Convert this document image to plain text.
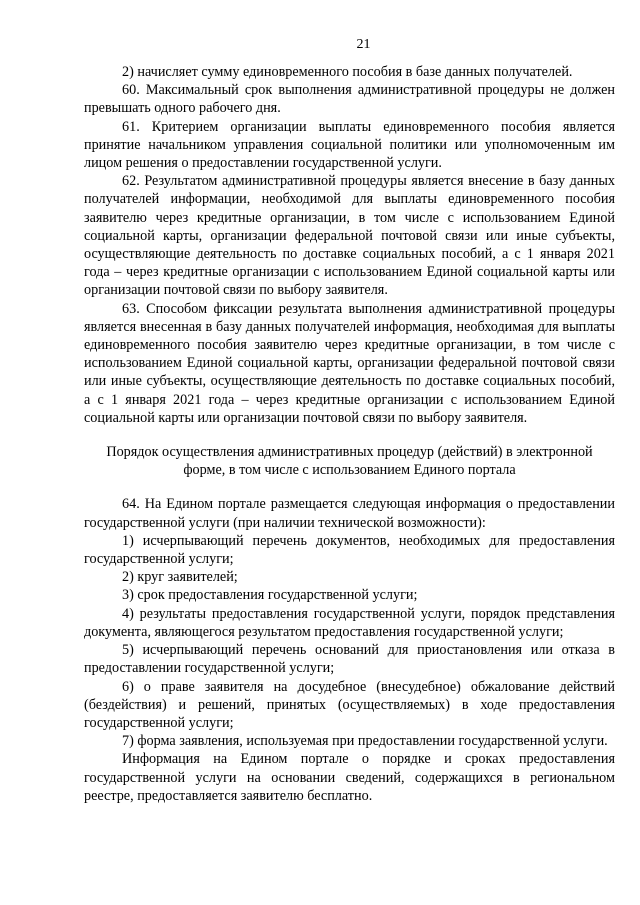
21

2) начисляет сумму единовременного пособия в базе данных получателей.

60. Максимальный срок выполнения административной процедуры не должен превышать одного рабочего дня.

61. Критерием организации выплаты единовременного пособия является принятие начальником управления социальной политики или уполномоченным им лицом решения о предоставлении государственной услуги.

62. Результатом административной процедуры является внесение в базу данных получателей информации, необходимой для выплаты единовременного пособия заявителю через кредитные организации, в том числе с использованием Единой социальной карты, организации федеральной почтовой связи или иные субъекты, осуществляющие деятельность по доставке социальных пособий, а с 1 января 2021 года – через кредитные организации с использованием Единой социальной карты или организации почтовой связи по выбору заявителя.

63. Способом фиксации результата выполнения административной процедуры является внесенная в базу данных получателей информация, необходимая для выплаты единовременного пособия заявителю через кредитные организации, в том числе с использованием Единой социальной карты, организации федеральной почтовой связи или иные субъекты, осуществляющие деятельность по доставке социальных пособий, а с 1 января 2021 года – через кредитные организации с использованием Единой социальной карты или организации почтовой связи по выбору заявителя.

Порядок осуществления административных процедур (действий) в электронной форме, в том числе с использованием Единого портала

64. На Едином портале размещается следующая информация о предоставлении государственной услуги (при наличии технической возможности):

1) исчерпывающий перечень документов, необходимых для предоставления государственной услуги;

2) круг заявителей;

3) срок предоставления государственной услуги;

4) результаты предоставления государственной услуги, порядок представления документа, являющегося результатом предоставления государственной услуги;

5) исчерпывающий перечень оснований для приостановления или отказа в предоставлении государственной услуги;

6) о праве заявителя на досудебное (внесудебное) обжалование действий (бездействия) и решений, принятых (осуществляемых) в ходе предоставления государственной услуги;

7) форма заявления, используемая при предоставлении государственной услуги.

Информация на Едином портале о порядке и сроках предоставления государственной услуги на основании сведений, содержащихся в региональном реестре, предоставляется заявителю бесплатно.
